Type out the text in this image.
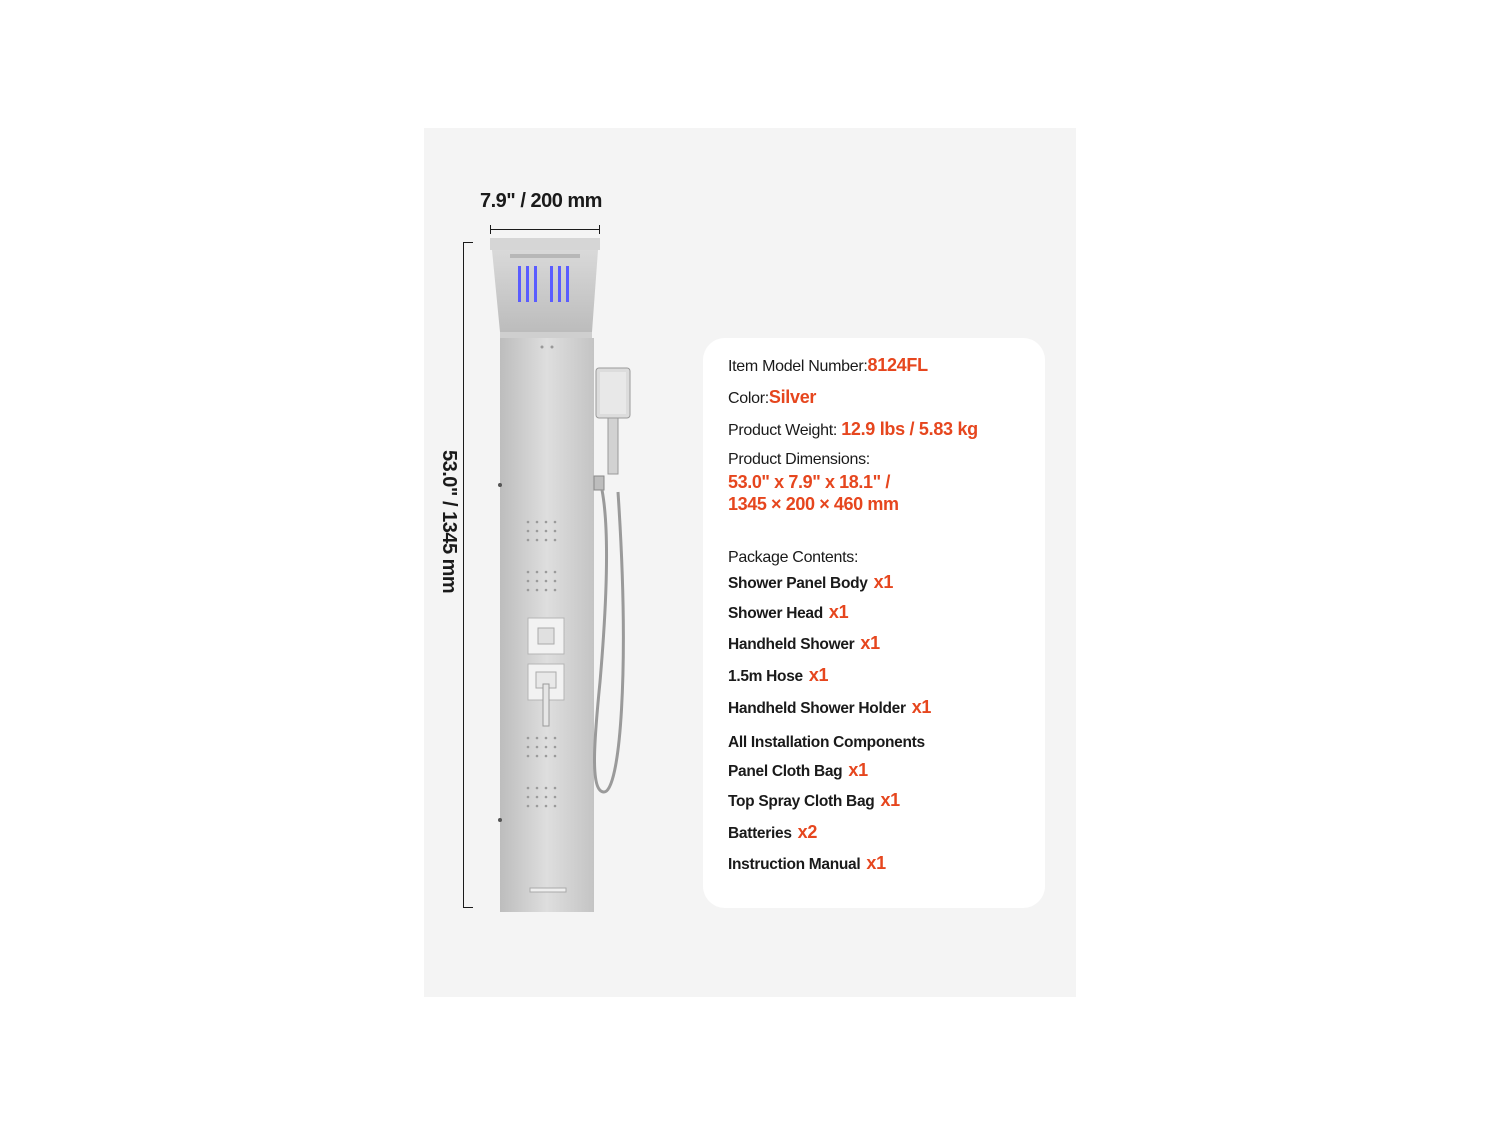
7.9" / 200 mm
53.0" / 1345 mm
Item Model Number:8124FL
Color:Silver
Product Weight: 12.9 lbs / 5.83 kg
Product Dimensions:
53.0" x 7.9" x 18.1" /
1345 × 200 × 460 mm
Package Contents:
Shower Panel Body x1
Shower Head x1
Handheld Shower x1
1.5m Hose x1
Handheld Shower Holder x1
All Installation Components
Panel Cloth Bag x1
Top Spray Cloth Bag x1
Batteries x2
Instruction Manual x1
